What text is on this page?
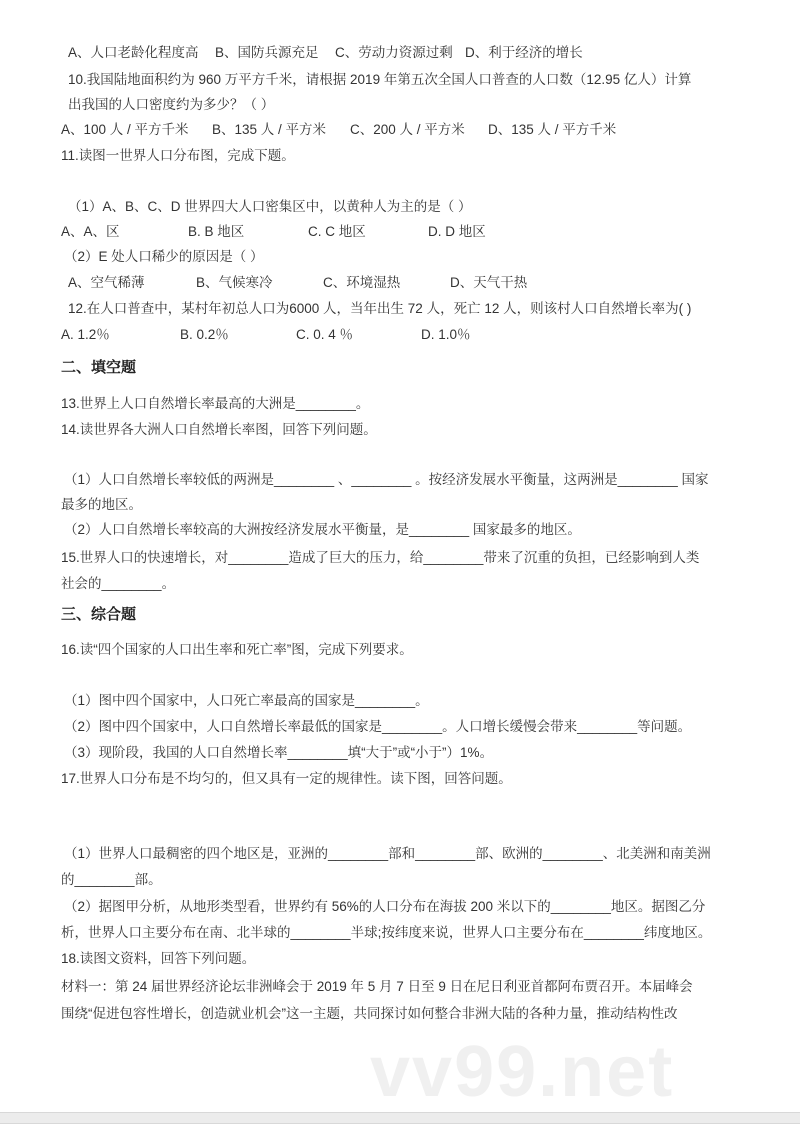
A、人口老龄化程度高 B、国防兵源充足 C、劳动力资源过剩 D、利于经济的增长
10.我国陆地面积约为 960 万平方千米，请根据 2019 年第五次全国人口普查的人口数（12.95 亿人）计算
出我国的人口密度约为多少？（ ）
A、100 人 / 平方千米 B、135 人 / 平方米 C、200 人 / 平方米 D、135 人 / 平方千米
11.读图一世界人口分布图，完成下题。
（1）A、B、C、D 世界四大人口密集区中，以黄种人为主的是（ ）
A、A、区	B. B 地区	C. C 地区	D. D 地区
（2）E 处人口稀少的原因是（ ）
A、空气稀薄	B、气候寒冷	C、环境湿热	D、天气干热
12.在人口普查中，某村年初总人口为6000 人，当年出生 72 人，死亡 12 人，则该村人口自然增长率为( )
A. 1.2％	B. 0.2％	C. 0. 4 ％	D. 1.0％
二、填空题
13.世界上人口自然增长率最高的大洲是________。
14.读世界各大洲人口自然增长率图，回答下列问题。
（1）人口自然增长率较低的两洲是________ 、________ 。按经济发展水平衡量，这两洲是________ 国家
最多的地区。
（2）人口自然增长率较高的大洲按经济发展水平衡量，是________ 国家最多的地区。
15.世界人口的快速增长，对________造成了巨大的压力，给________带来了沉重的负担，已经影响到人类
社会的________。
三、综合题
16.读“四个国家的人口出生率和死亡率”图，完成下列要求。
（1）图中四个国家中，人口死亡率最高的国家是________。
（2）图中四个国家中，人口自然增长率最低的国家是________。人口增长缓慢会带来________等问题。
（3）现阶段，我国的人口自然增长率________填“大于”或“小于”）1%。
17.世界人口分布是不均匀的，但又具有一定的规律性。读下图，回答问题。
（1）世界人口最稠密的四个地区是，亚洲的________部和________部、欧洲的________、北美洲和南美洲
的________部。
（2）据图甲分析，从地形类型看，世界约有 56%的人口分布在海拔 200 米以下的________地区。据图乙分
析，世界人口主要分布在南、北半球的________半球;按纬度来说，世界人口主要分布在________纬度地区。
18.读图文资料，回答下列问题。
材料一：第 24 届世界经济论坛非洲峰会于 2019 年 5 月 7 日至 9 日在尼日利亚首都阿布贾召开。本届峰会
围绕“促进包容性增长，创造就业机会”这一主题，共同探讨如何整合非洲大陆的各种力量，推动结构性改
vv99.net
